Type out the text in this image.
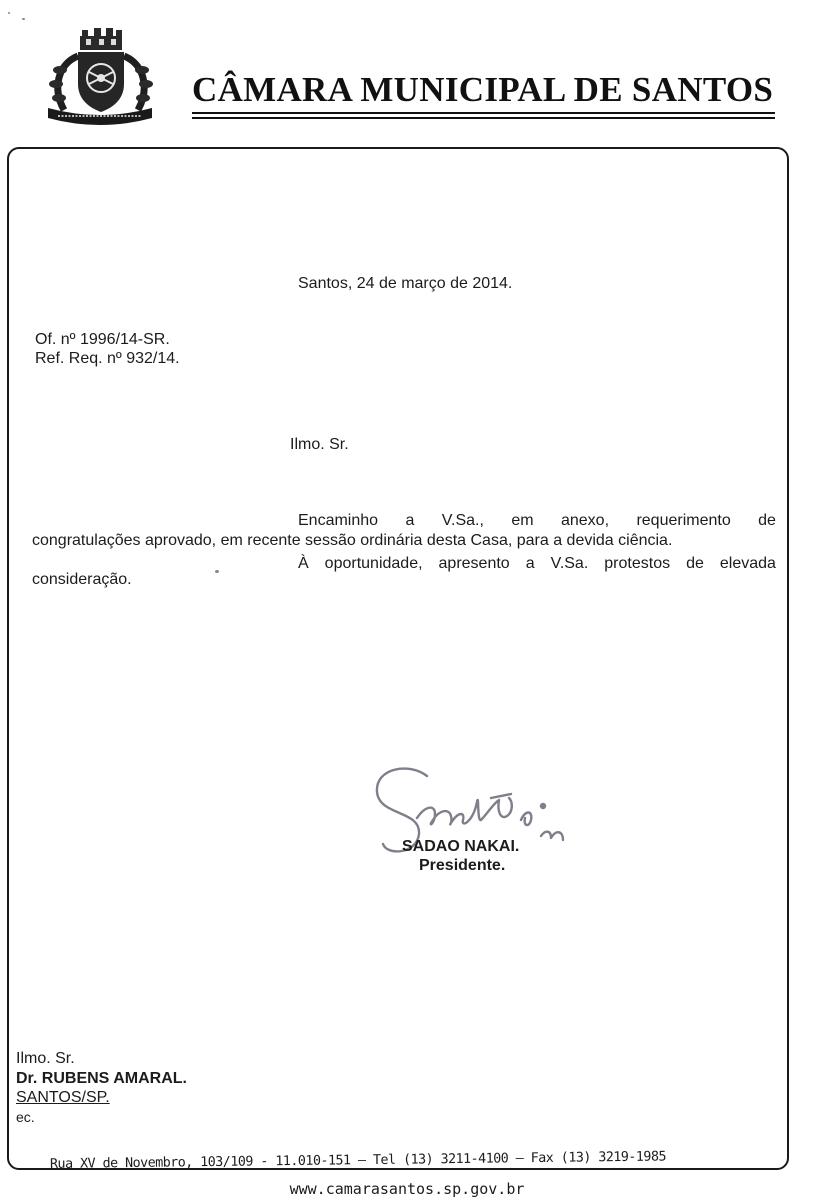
CÂMARA MUNICIPAL DE SANTOS
Santos, 24 de março de 2014.
Of. nº 1996/14-SR.
Ref. Req. nº 932/14.
Ilmo. Sr.
Encaminho a V.Sa., em anexo, requerimento de
congratulações aprovado, em recente sessão ordinária desta Casa, para a devida ciência.
À oportunidade, apresento a V.Sa. protestos de elevada
consideração.
SADAO NAKAI.
Presidente.
Ilmo. Sr.
Dr. RUBENS AMARAL.
SANTOS/SP.
ec.
Rua XV de Novembro, 103/109 - 11.010-151 – Tel (13) 3211-4100 – Fax (13) 3219-1985
www.camarasantos.sp.gov.br
